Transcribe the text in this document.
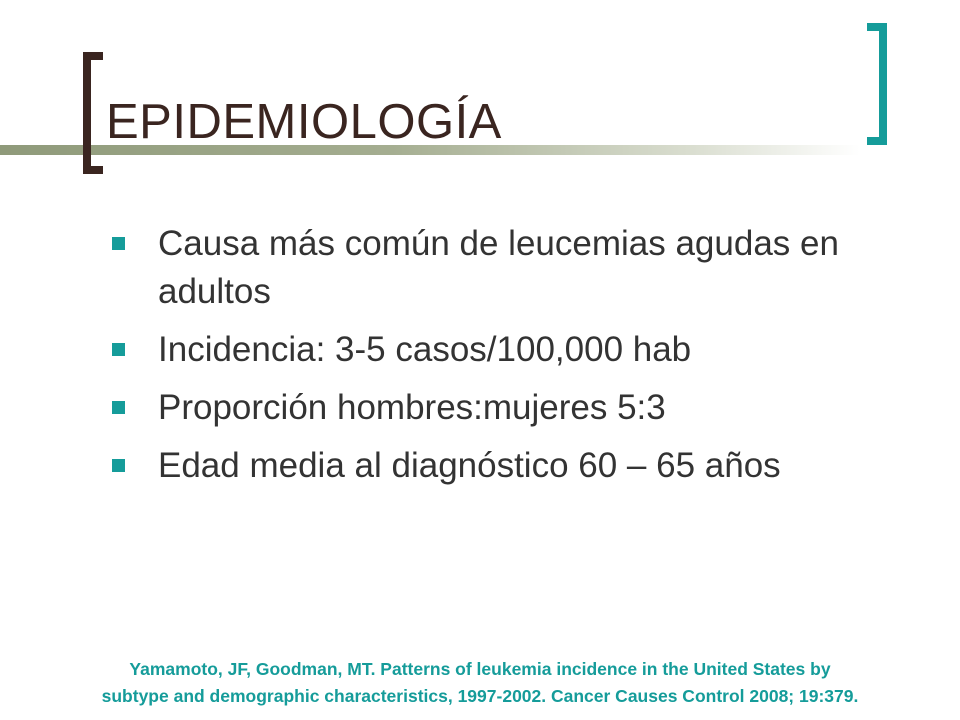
EPIDEMIOLOGÍA
Causa más común de leucemias agudas en adultos
Incidencia: 3-5 casos/100,000 hab
Proporción hombres:mujeres 5:3
Edad media al diagnóstico 60 – 65 años
Yamamoto, JF, Goodman, MT. Patterns of leukemia incidence in the United States by
subtype and demographic characteristics, 1997-2002. Cancer Causes Control 2008; 19:379.
